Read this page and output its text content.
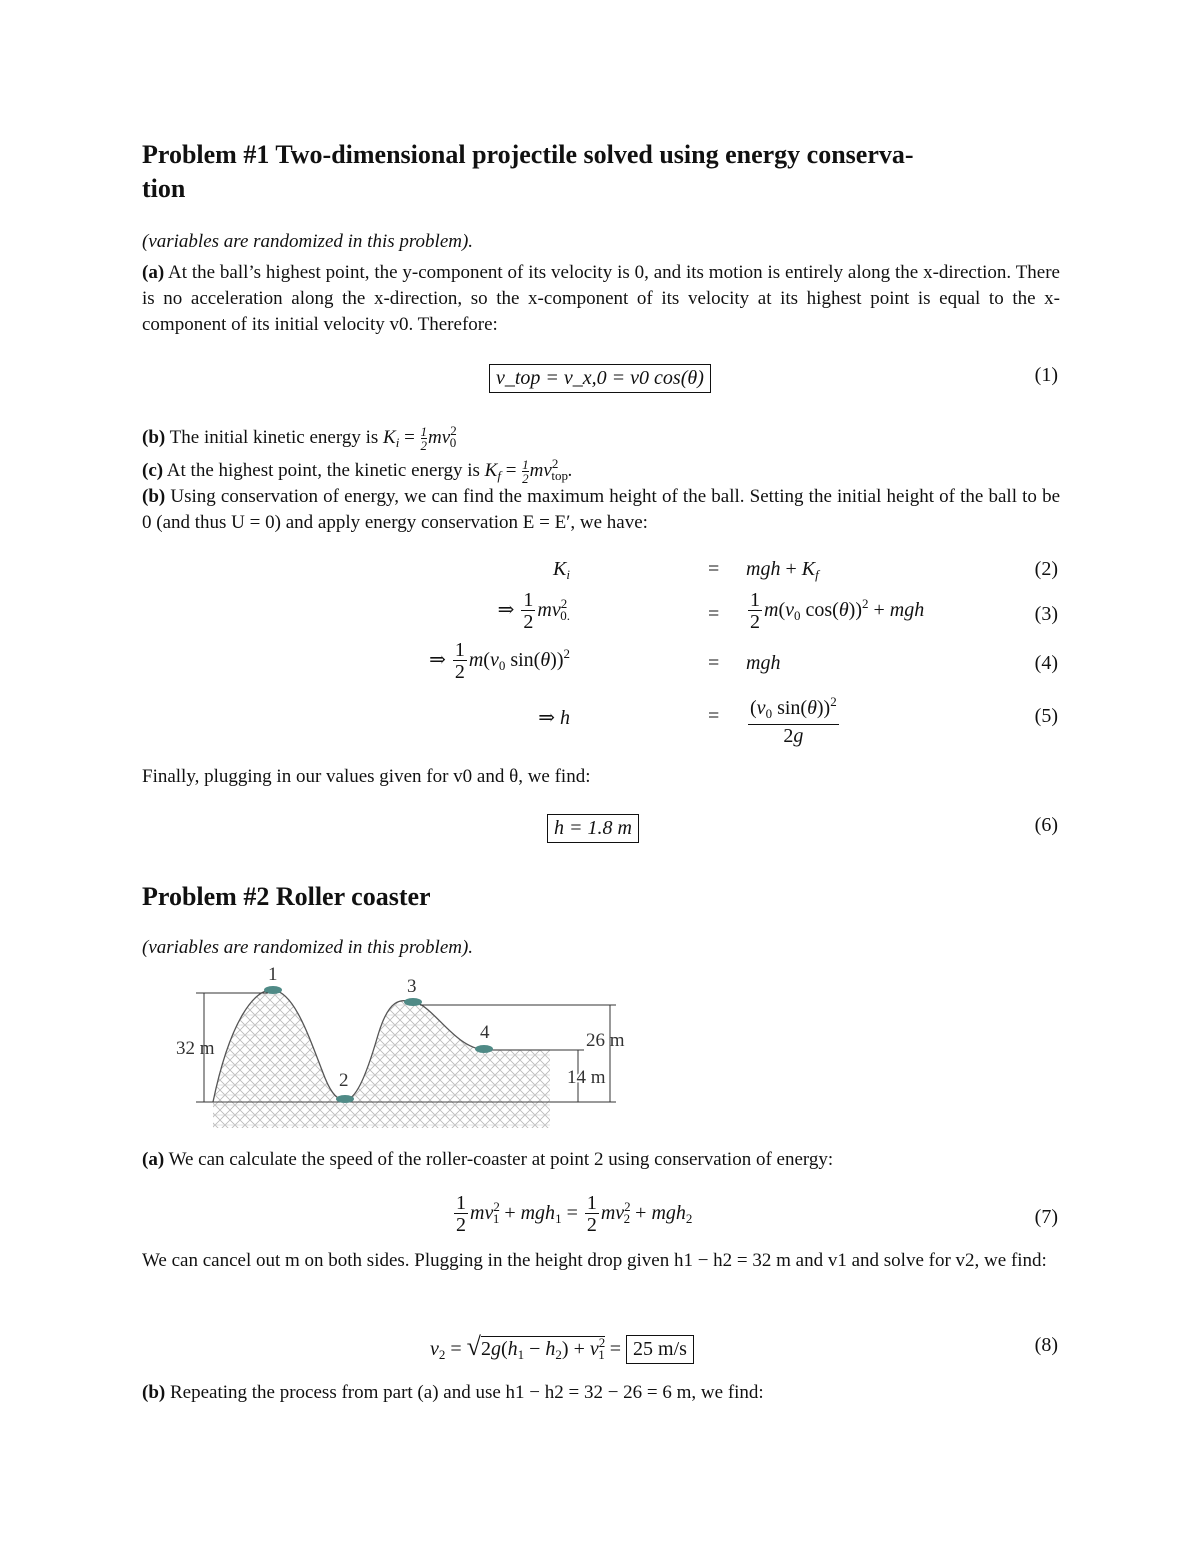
Problem #1 Two-dimensional projectile solved using energy conserva-
tion

(variables are randomized in this problem).

(a) At the ball’s highest point, the y-component of its velocity is 0, and its motion is entirely along the x-direction. There is no acceleration along the x-direction, so the x-component of its velocity at its highest point is equal to the x-component of its initial velocity v0. Therefore:

v_top = v_x,0 = v0 cos(θ)	(1)

(b) The initial kinetic energy is $K_i = \frac{1}{2} mv^2_0$

(c) At the highest point, the kinetic energy is $K_f = \frac{1}{2} mv^2_{top}$.

(b) Using conservation of energy, we can find the maximum height of the ball. Setting the initial height of the ball to be 0 (and thus U = 0) and apply energy conservation E = E′, we have:

$K_i$	= mgh + $K_f$	(2)
⇒ $\frac{1}{2} mv^2_{0.}$	= $\frac{1}{2} m(v_0$ cos(θ))$^2$ + mgh	(3)
⇒ $\frac{1}{2} m(v_0$ sin(θ))$^2$	= mgh	(4)
⇒ h	= $\frac{(v_0 \sin(\theta))^2}{2g}$	(5)

Finally, plugging in our values given for v0 and θ, we find:

h = 1.8 m	(6)
Problem #2 Roller coaster

(variables are randomized in this problem).

1
2
3
4
32 m	26 m
14 m

(a) We can calculate the speed of the roller-coaster at point 2 using conservation of energy:

$\frac{1}{2} mv^2_1 + mgh_1 = \frac{1}{2} mv^2_2 + mgh_2$	(7)

We can cancel out m on both sides. Plugging in the height drop given h1 − h2 = 32 m and v1 and solve for v2, we find:

$v_2 = √2g(h_1 - h_2) + v^2_1 = 25$ m/s	(8)

(b) Repeating the process from part (a) and use h1 − h2 = 32 − 26 = 6 m, we find:
